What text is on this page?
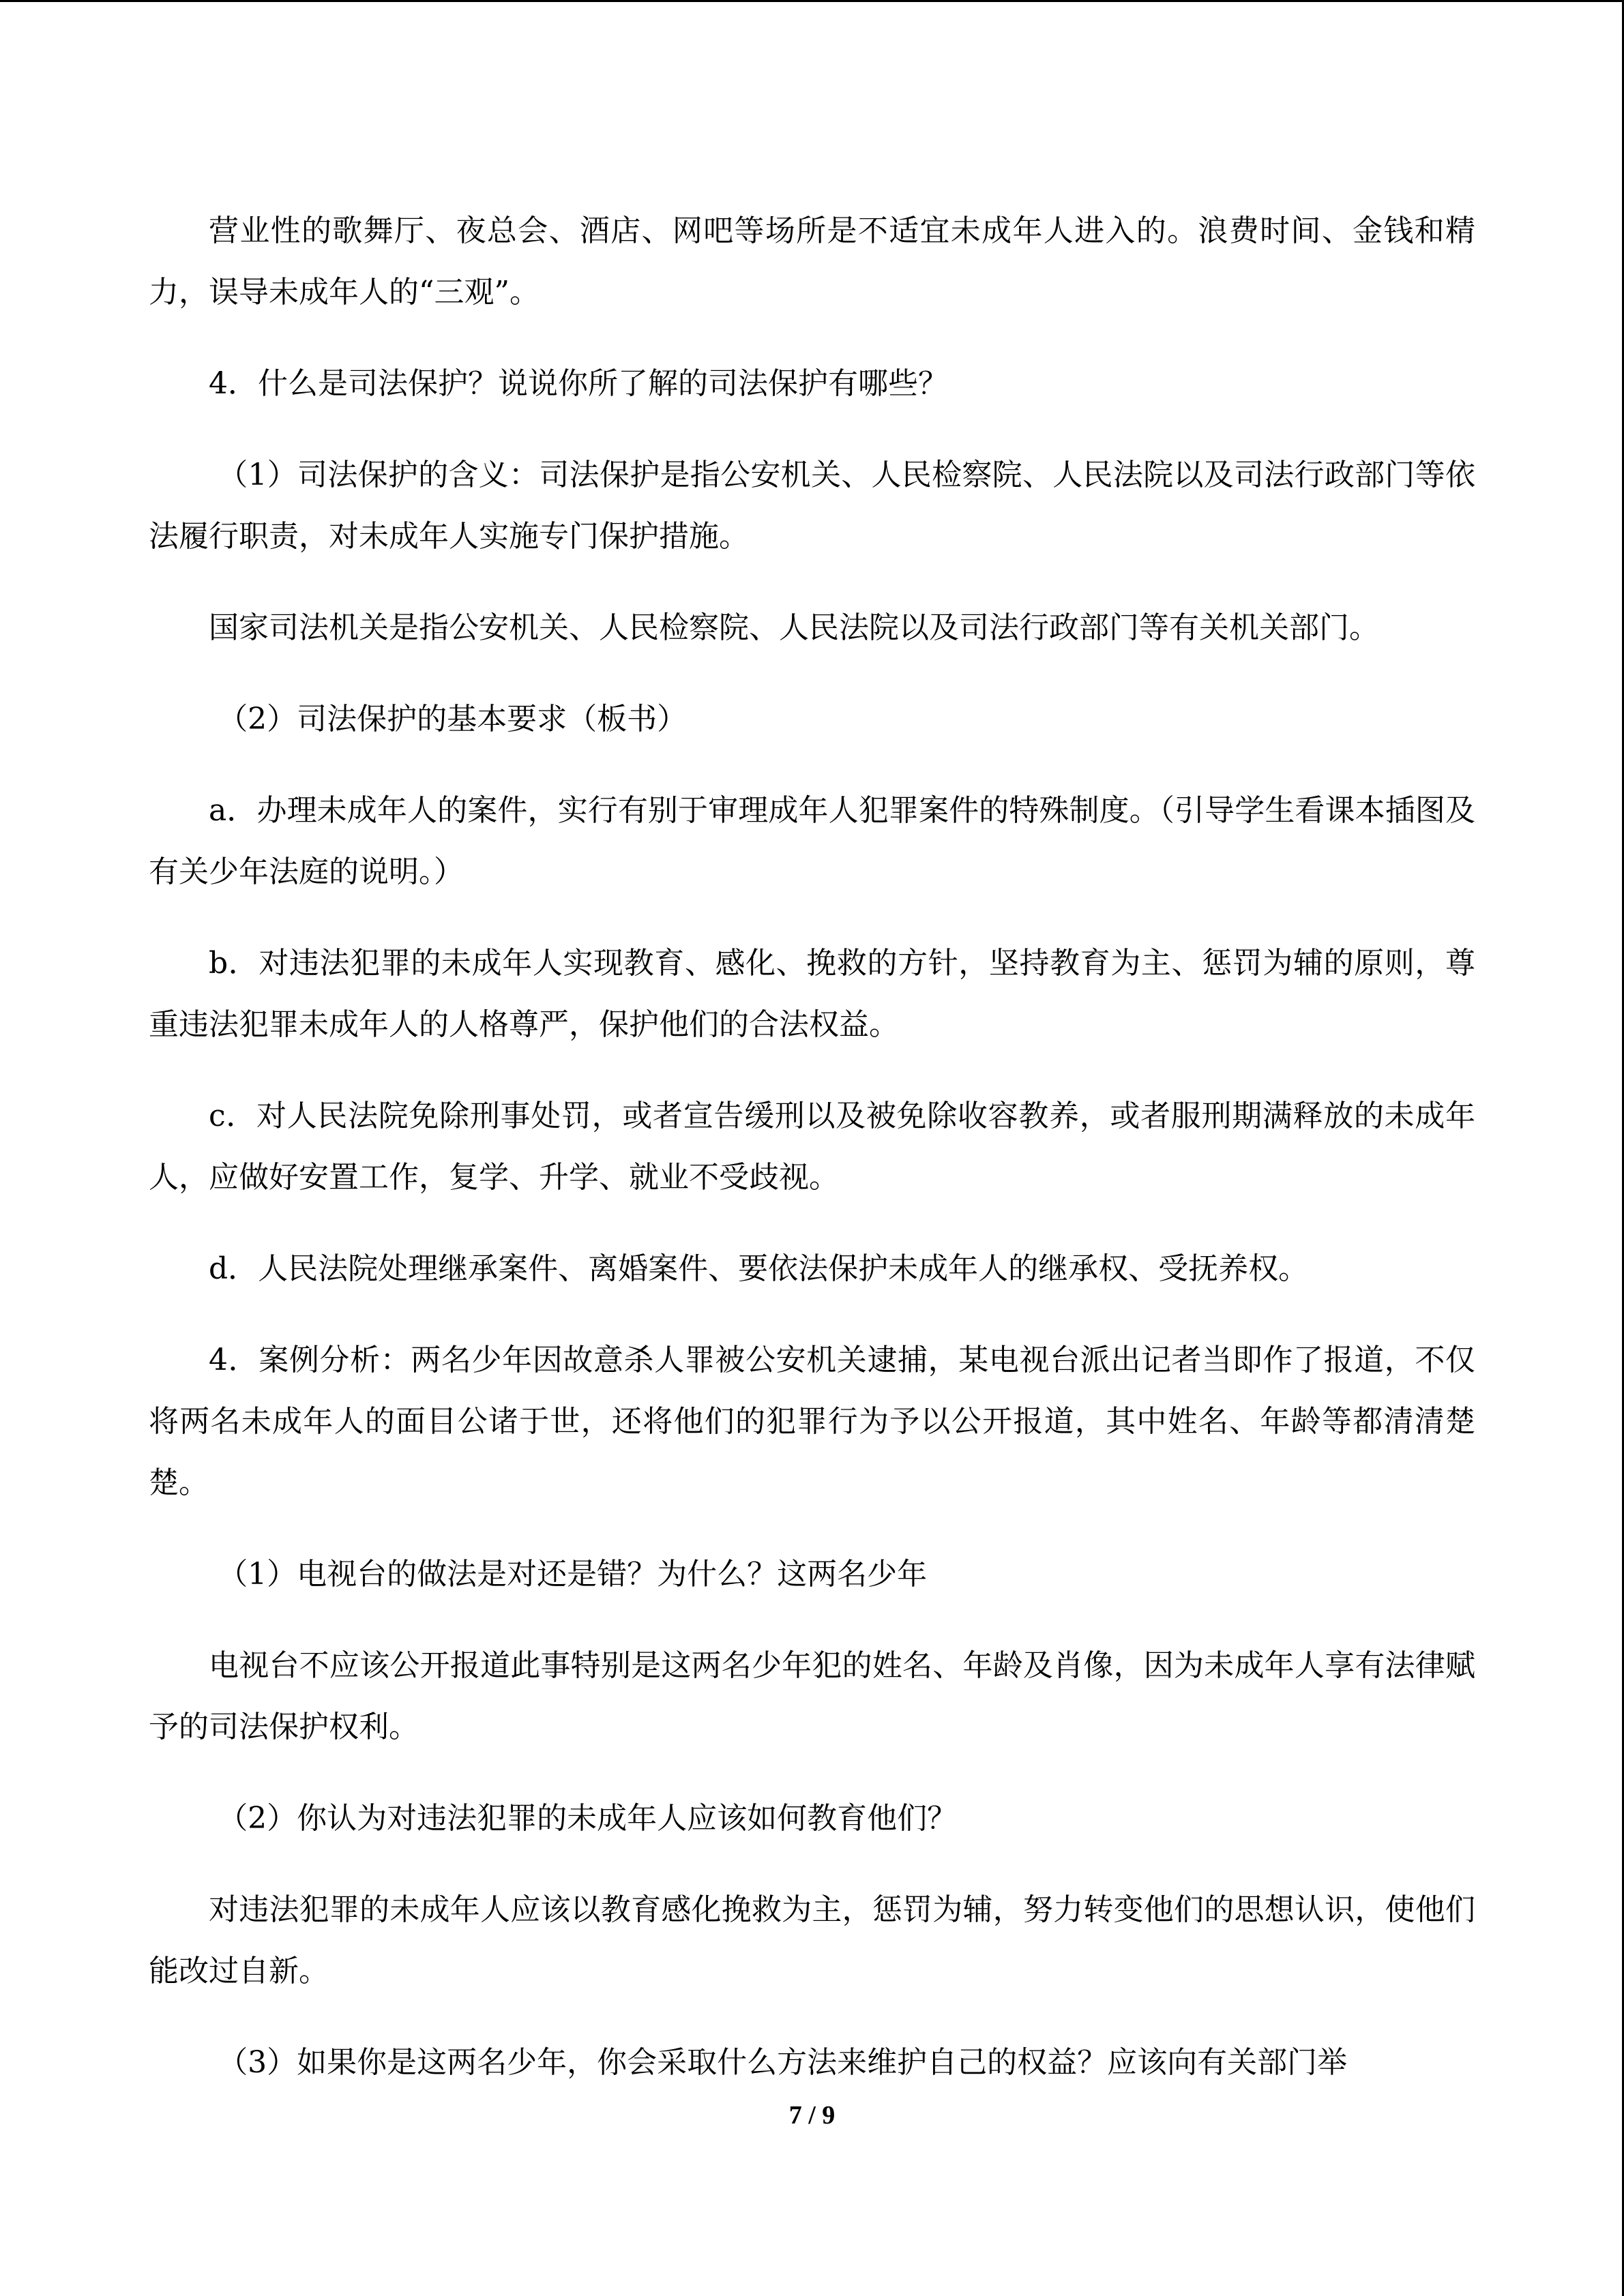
营业性的歌舞厅、夜总会、酒店、网吧等场所是不适宜未成年人进入的。浪费时间、金钱和精力，误导未成年人的“三观”。

4．什么是司法保护？说说你所了解的司法保护有哪些？

（1）司法保护的含义：司法保护是指公安机关、人民检察院、人民法院以及司法行政部门等依法履行职责，对未成年人实施专门保护措施。

国家司法机关是指公安机关、人民检察院、人民法院以及司法行政部门等有关机关部门。

（2）司法保护的基本要求（板书）

a．办理未成年人的案件，实行有别于审理成年人犯罪案件的特殊制度。（引导学生看课本插图及有关少年法庭的说明。）

b．对违法犯罪的未成年人实现教育、感化、挽救的方针，坚持教育为主、惩罚为辅的原则，尊重违法犯罪未成年人的人格尊严，保护他们的合法权益。

c．对人民法院免除刑事处罚，或者宣告缓刑以及被免除收容教养，或者服刑期满释放的未成年人，应做好安置工作，复学、升学、就业不受歧视。

d．人民法院处理继承案件、离婚案件、要依法保护未成年人的继承权、受抚养权。

4．案例分析：两名少年因故意杀人罪被公安机关逮捕，某电视台派出记者当即作了报道，不仅将两名未成年人的面目公诸于世，还将他们的犯罪行为予以公开报道，其中姓名、年龄等都清清楚楚。

（1）电视台的做法是对还是错？为什么？这两名少年

电视台不应该公开报道此事特别是这两名少年犯的姓名、年龄及肖像，因为未成年人享有法律赋予的司法保护权利。

（2）你认为对违法犯罪的未成年人应该如何教育他们？

对违法犯罪的未成年人应该以教育感化挽救为主，惩罚为辅，努力转变他们的思想认识，使他们能改过自新。

（3）如果你是这两名少年，你会采取什么方法来维护自己的权益？应该向有关部门举

7 / 9
